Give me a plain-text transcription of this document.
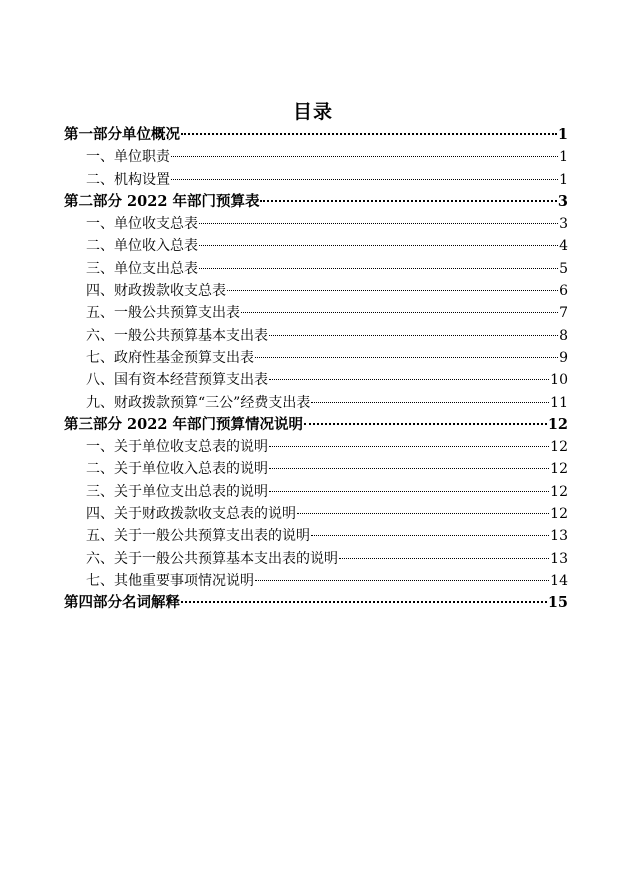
目录
第一部分单位概况	1
一、单位职责	1
二、机构设置	1
第二部分 2022 年部门预算表	3
一、单位收支总表	3
二、单位收入总表	4
三、单位支出总表	5
四、财政拨款收支总表	6
五、一般公共预算支出表	7
六、一般公共预算基本支出表	8
七、政府性基金预算支出表	9
八、国有资本经营预算支出表	10
九、财政拨款预算“三公”经费支出表	11
第三部分 2022 年部门预算情况说明	12
一、关于单位收支总表的说明	12
二、关于单位收入总表的说明	12
三、关于单位支出总表的说明	12
四、关于财政拨款收支总表的说明	12
五、关于一般公共预算支出表的说明	13
六、关于一般公共预算基本支出表的说明	13
七、其他重要事项情况说明	14
第四部分名词解释	15
